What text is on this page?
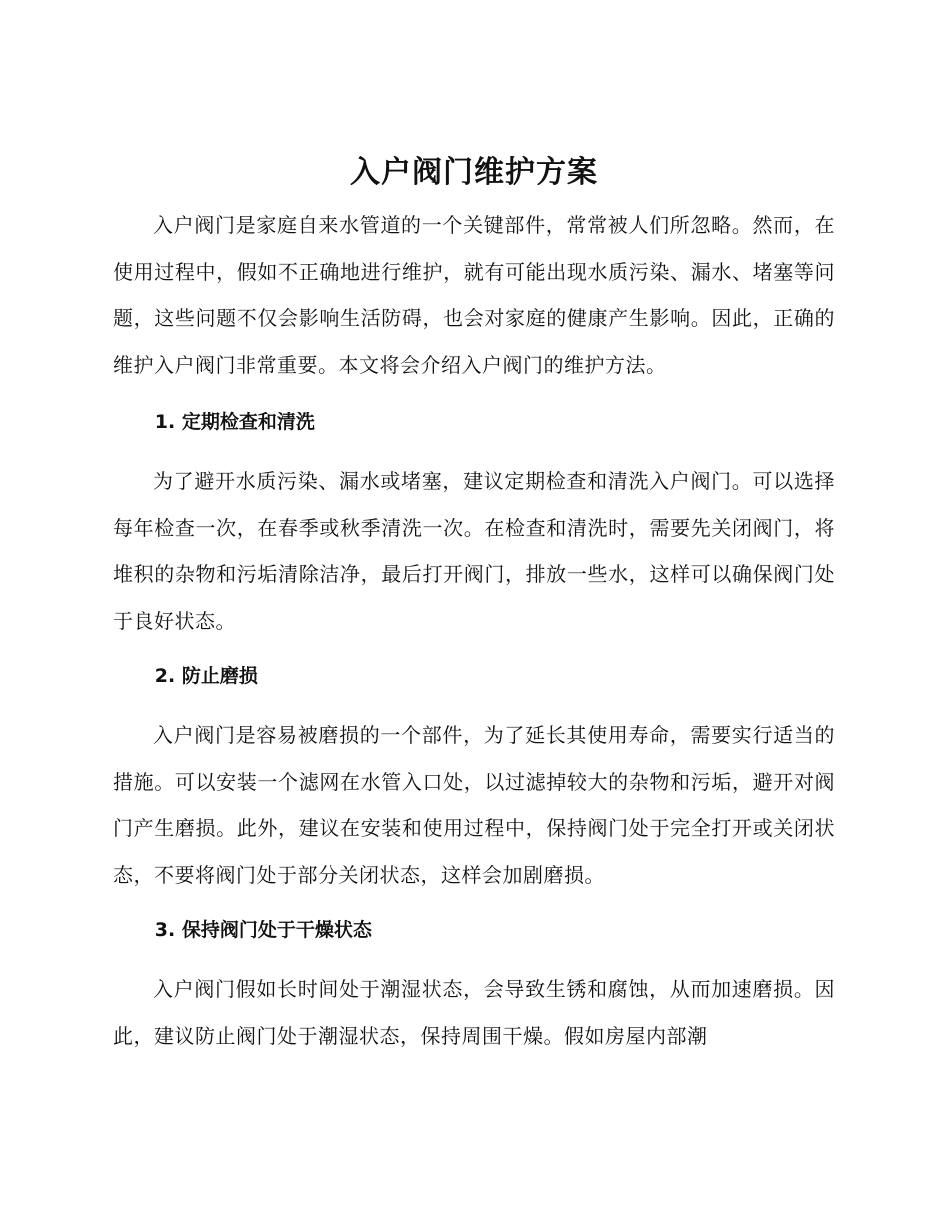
入户阀门维护方案

入户阀门是家庭自来水管道的一个关键部件，常常被人们所忽略。然而，在使用过程中，假如不正确地进行维护，就有可能出现水质污染、漏水、堵塞等问题，这些问题不仅会影响生活防碍，也会对家庭的健康产生影响。因此，正确的维护入户阀门非常重要。本文将会介绍入户阀门的维护方法。

1. 定期检查和清洗

为了避开水质污染、漏水或堵塞，建议定期检查和清洗入户阀门。可以选择每年检查一次，在春季或秋季清洗一次。在检查和清洗时，需要先关闭阀门，将堆积的杂物和污垢清除洁净，最后打开阀门，排放一些水，这样可以确保阀门处于良好状态。

2. 防止磨损

入户阀门是容易被磨损的一个部件，为了延长其使用寿命，需要实行适当的措施。可以安装一个滤网在水管入口处，以过滤掉较大的杂物和污垢，避开对阀门产生磨损。此外，建议在安装和使用过程中，保持阀门处于完全打开或关闭状态，不要将阀门处于部分关闭状态，这样会加剧磨损。

3. 保持阀门处于干燥状态

入户阀门假如长时间处于潮湿状态，会导致生锈和腐蚀，从而加速磨损。因此，建议防止阀门处于潮湿状态，保持周围干燥。假如房屋内部潮
